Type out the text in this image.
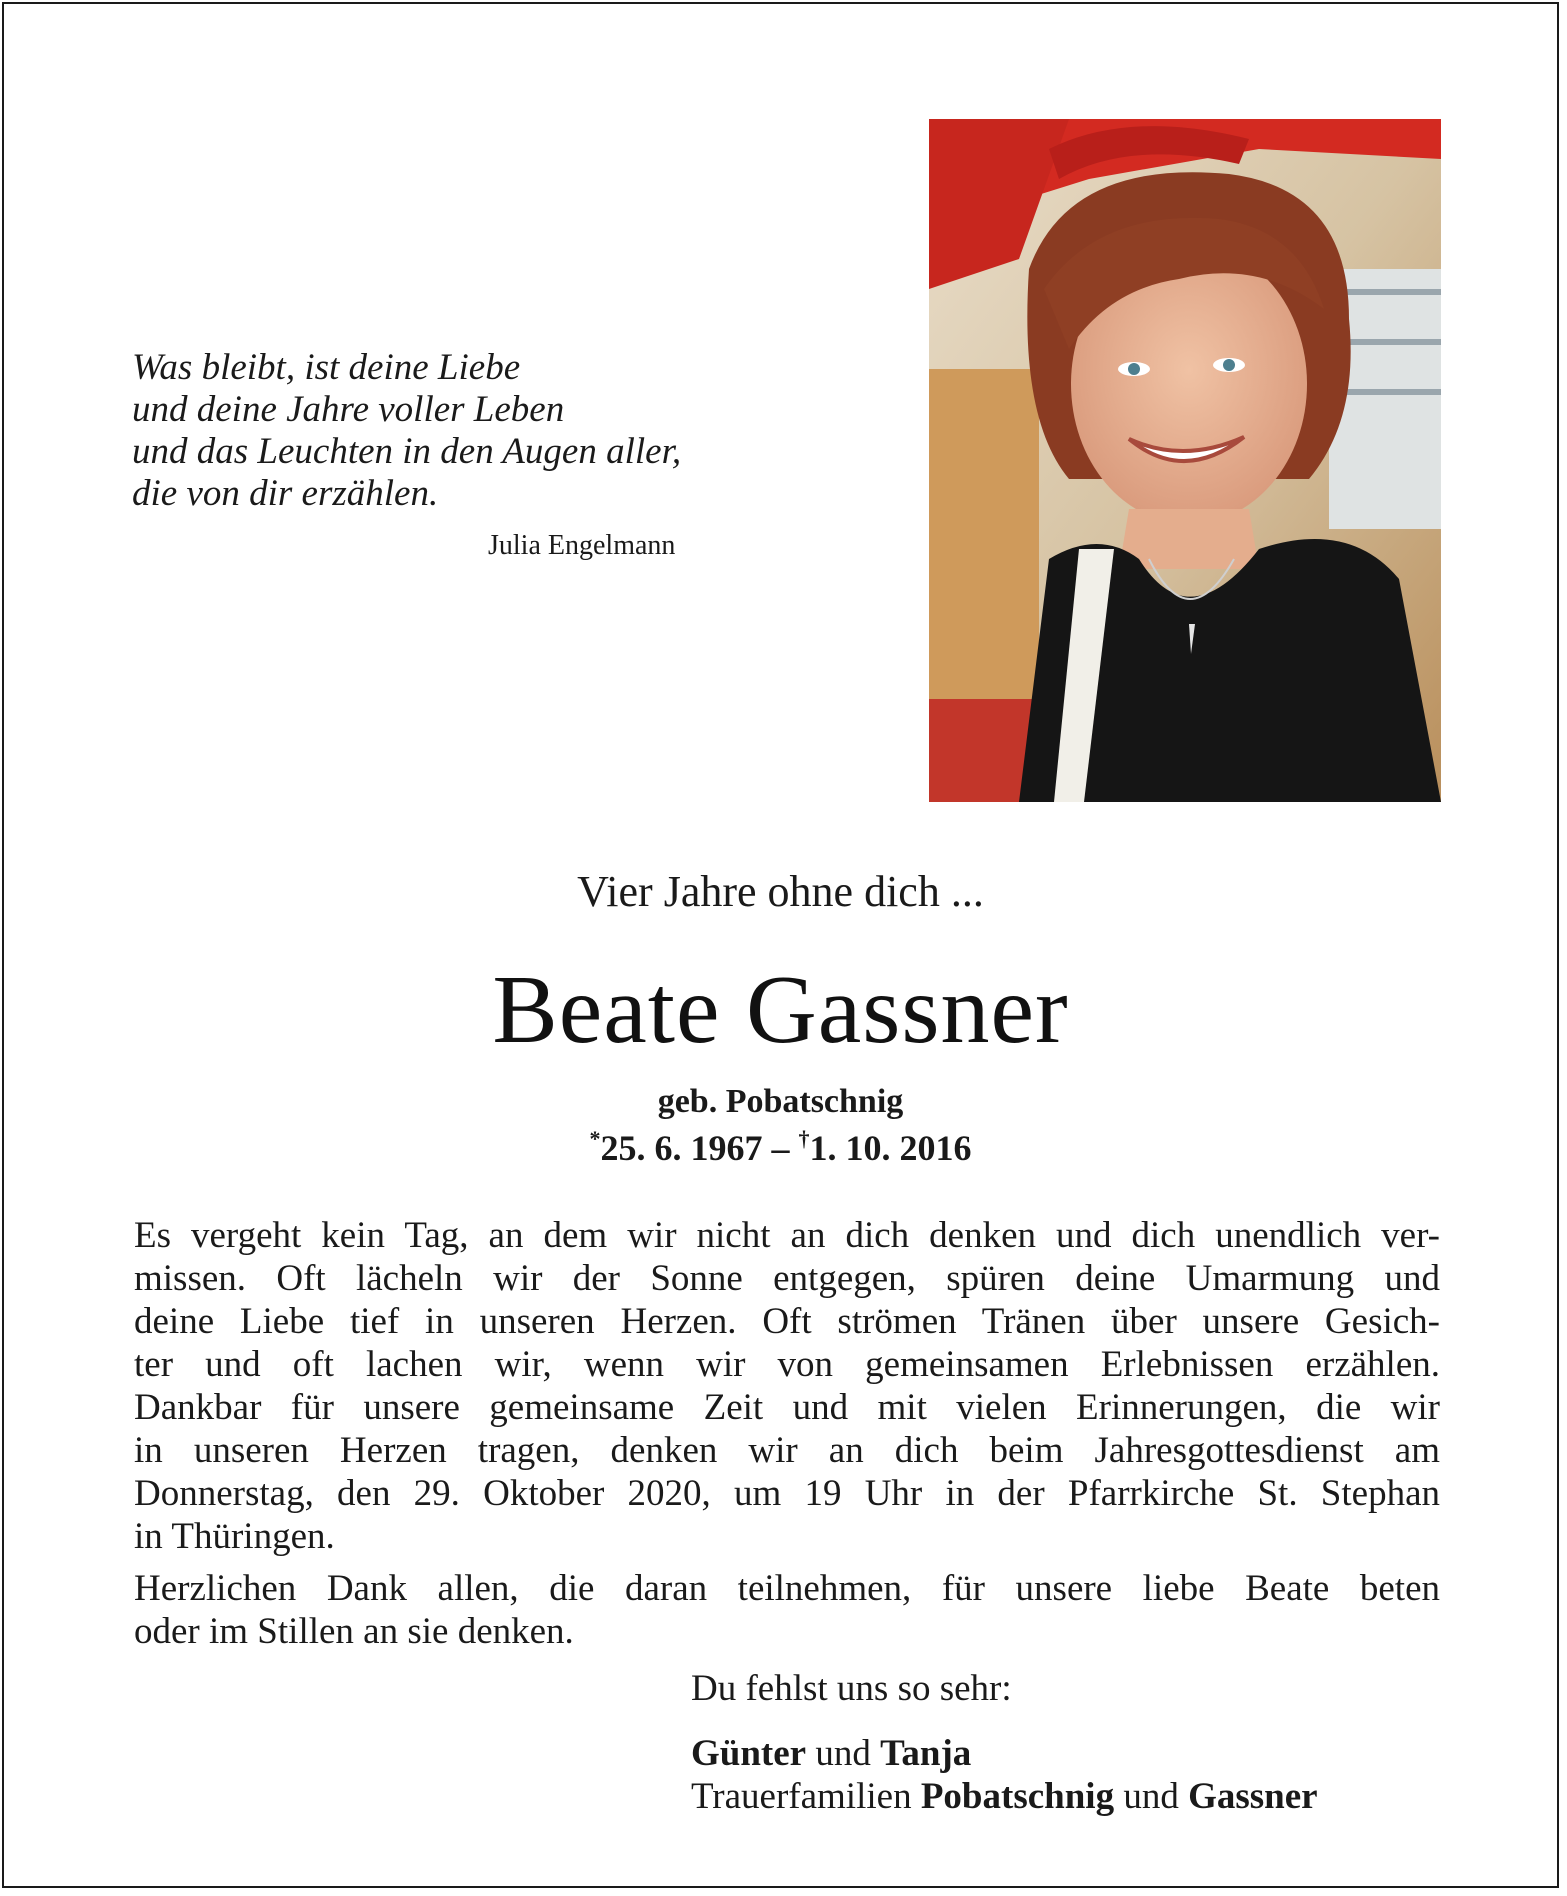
Was bleibt, ist deine Liebe
und deine Jahre voller Leben
und das Leuchten in den Augen aller,
die von dir erzählen.
Julia Engelmann
Vier Jahre ohne dich ...
Beate Gassner
geb. Pobatschnig
*25. 6. 1967 – †1. 10. 2016
Es vergeht kein Tag, an dem wir nicht an dich denken und dich unendlich ver-
missen. Oft lächeln wir der Sonne entgegen, spüren deine Umarmung und
deine Liebe tief in unseren Herzen. Oft strömen Tränen über unsere Gesich-
ter und oft lachen wir, wenn wir von gemeinsamen Erlebnissen erzählen.
Dankbar für unsere gemeinsame Zeit und mit vielen Erinnerungen, die wir
in unseren Herzen tragen, denken wir an dich beim Jahresgottesdienst am
Donnerstag, den 29. Oktober 2020, um 19 Uhr in der Pfarrkirche St. Stephan
in Thüringen.
Herzlichen Dank allen, die daran teilnehmen, für unsere liebe Beate beten
oder im Stillen an sie denken.
Du fehlst uns so sehr:
Günter und Tanja
Trauerfamilien Pobatschnig und Gassner
